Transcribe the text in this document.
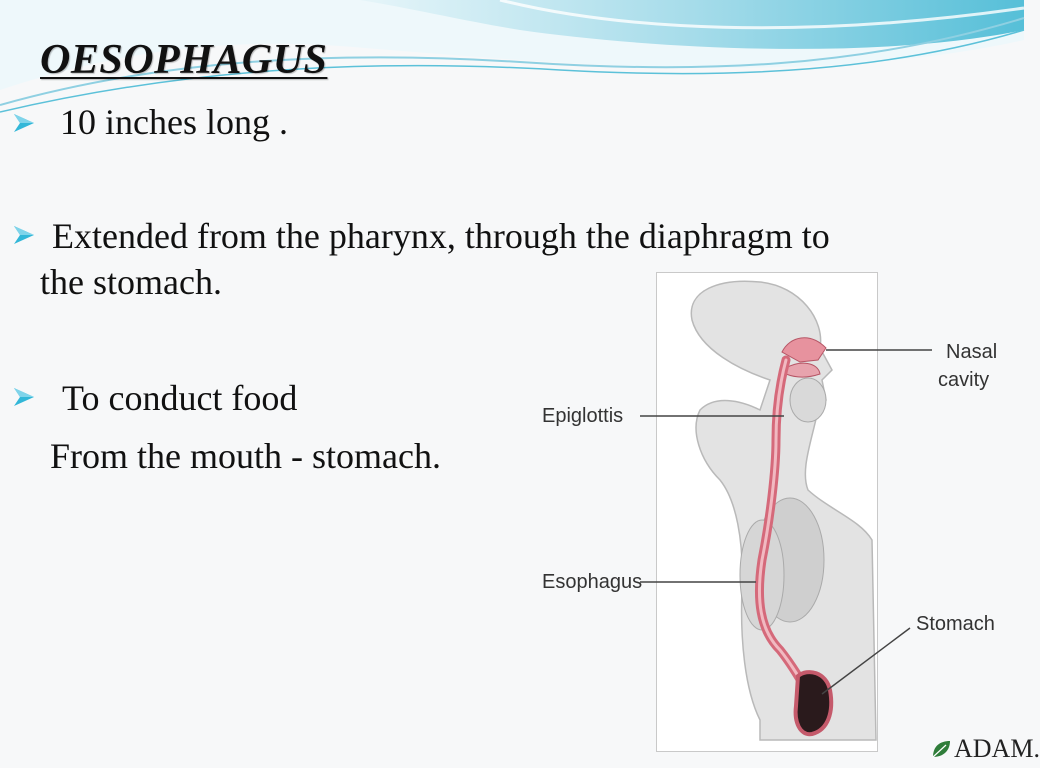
OESOPHAGUS
10 inches long .
Extended from the pharynx, through the diaphragm to
the stomach.
To conduct food
From the mouth - stomach.
Nasal
cavity
Epiglottis
Esophagus
Stomach
ADAM.
